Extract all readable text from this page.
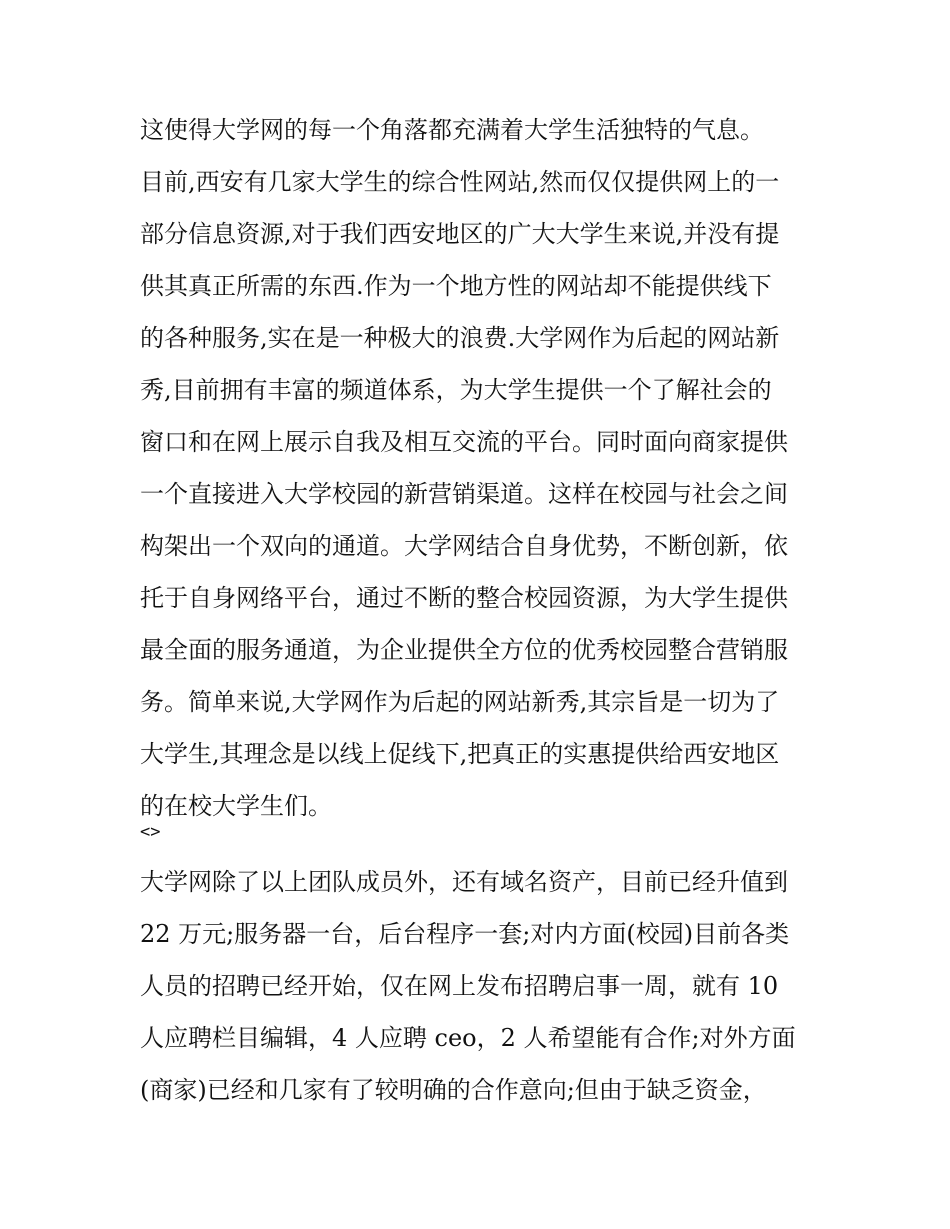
这使得大学网的每一个角落都充满着大学生活独特的气息。
目前,西安有几家大学生的综合性网站,然而仅仅提供网上的一
部分信息资源,对于我们西安地区的广大大学生来说,并没有提
供其真正所需的东西.作为一个地方性的网站却不能提供线下
的各种服务,实在是一种极大的浪费.大学网作为后起的网站新
秀,目前拥有丰富的频道体系，为大学生提供一个了解社会的
窗口和在网上展示自我及相互交流的平台。同时面向商家提供
一个直接进入大学校园的新营销渠道。这样在校园与社会之间
构架出一个双向的通道。大学网结合自身优势，不断创新，依
托于自身网络平台，通过不断的整合校园资源，为大学生提供
最全面的服务通道，为企业提供全方位的优秀校园整合营销服
务。简单来说,大学网作为后起的网站新秀,其宗旨是一切为了
大学生,其理念是以线上促线下,把真正的实惠提供给西安地区
的在校大学生们。
<>
大学网除了以上团队成员外，还有域名资产，目前已经升值到
22 万元;服务器一台，后台程序一套;对内方面(校园)目前各类
人员的招聘已经开始，仅在网上发布招聘启事一周，就有 10
人应聘栏目编辑，4 人应聘 ceo，2 人希望能有合作;对外方面
(商家)已经和几家有了较明确的合作意向;但由于缺乏资金，
